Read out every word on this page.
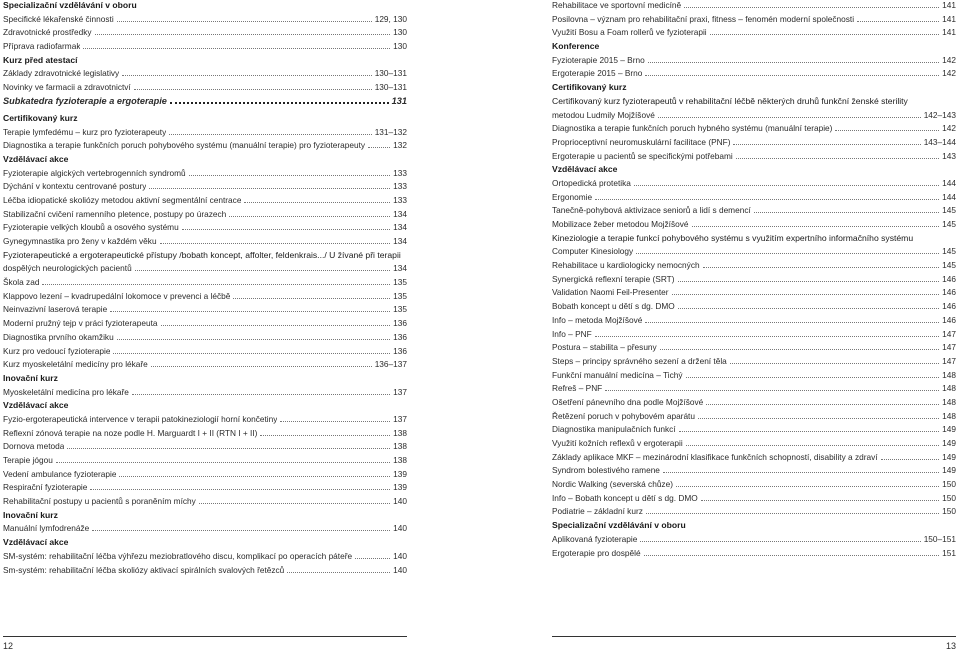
Specializační vzdělávání v oboru
Specifické lékařenské činnosti	129, 130
Zdravotnické prostředky	130
Příprava radiofarmak	130
Kurz před atestací
Základy zdravotnické legislativy	130–131
Novinky ve farmacii a zdravotnictví	130–131
Subkatedra fyzioterapie a ergoterapie	131
Certifikovaný kurz
Terapie lymfedému – kurz pro fyzioterapeuty	131–132
Diagnostika a terapie funkčních poruch pohybového systému (manuální terapie) pro fyzioterapeuty	132
Vzdělávací akce
Fyzioterapie algických vertebrogenních syndromů	133
Dýchání v kontextu centrované postury	133
Léčba idiopatické skoliózy metodou aktivní segmentální centrace	133
Stabilizační cvičení ramenního pletence, postupy po úrazech	134
Fyzioterapie velkých kloubů a osového systému	134
Gynegymnastika pro ženy v každém věku	134
Fyzioterapeutické a ergoterapeutické přístupy /bobath koncept, affolter, feldenkrais.../ U žívané při terapii
dospělých neurologických pacientů	134
Škola zad	135
Klappovo lezení – kvadrupedální lokomoce v prevenci a léčbě	135
Neinvazivní laserová terapie	135
Moderní pružný tejp v práci fyzioterapeuta	136
Diagnostika prvního okamžiku	136
Kurz pro vedoucí fyzioterapie	136
Kurz myoskeletální medicíny pro lékaře	136–137
Inovační kurz
Myoskeletální medicína pro lékaře	137
Vzdělávací akce
Fyzio-ergoterapeutická intervence v terapii patokineziologií horní končetiny	137
Reflexní zónová terapie na noze podle H. Marguardt I + II (RTN I + II)	138
Dornova metoda	138
Terapie jógou	138
Vedení ambulance fyzioterapie	139
Respirační fyzioterapie	139
Rehabilitační postupy u pacientů s poraněním míchy	140
Inovační kurz
Manuální lymfodrenáže	140
Vzdělávací akce
SM-systém: rehabilitační léčba výhřezu meziobratlového discu, komplikací po operacích páteře	140
Sm-systém: rehabilitační léčba skoliózy aktivací spirálních svalových řetězců	140
Rehabilitace ve sportovní medicíně	141
Posilovna – význam pro rehabilitační praxi, fitness – fenomén moderní společnosti	141
Využití Bosu a Foam rollerů ve fyzioterapii	141
Konference
Fyzioterapie 2015 – Brno	142
Ergoterapie 2015 – Brno	142
Certifikovaný kurz
Certifikovaný kurz fyzioterapeutů v rehabilitační léčbě některých druhů funkční ženské sterility
metodou Ludmily Mojžíšové	142–143
Diagnostika a terapie funkčních poruch hybného systému (manuální terapie)	142
Proprioceptivní neuromuskulární facilitace (PNF)	143–144
Ergoterapie u pacientů se specifickými potřebami	143
Vzdělávací akce
Ortopedická protetika	144
Ergonomie	144
Tanečně-pohybová aktivizace seniorů a lidí s demencí	145
Mobilizace žeber metodou Mojžíšové	145
Kineziologie a terapie funkcí pohybového systému s využitím expertního informačního systému
Computer Kinesiology	145
Rehabilitace u kardiologicky nemocných	145
Synergická reflexní terapie (SRT)	146
Validation Naomi Feil-Presenter	146
Bobath koncept u dětí s dg. DMO	146
Info – metoda Mojžíšové	146
Info – PNF	147
Postura – stabilita – přesuny	147
Steps – principy správného sezení a držení těla	147
Funkční manuální medicína – Tichý	148
Refreš – PNF	148
Ošetření pánevního dna podle Mojžíšové	148
Řetězení poruch v pohybovém aparátu	148
Diagnostika manipulačních funkcí	149
Využití kožních reflexů v ergoterapii	149
Základy aplikace MKF – mezinárodní klasifikace funkčních schopností, disability a zdraví	149
Syndrom bolestivého ramene	149
Nordic Walking (severská chůze)	150
Info – Bobath koncept u dětí s dg. DMO	150
Podiatrie – základní kurz	150
Specializační vzdělávání v oboru
Aplikovaná fyzioterapie	150–151
Ergoterapie pro dospělé	151
12	13
